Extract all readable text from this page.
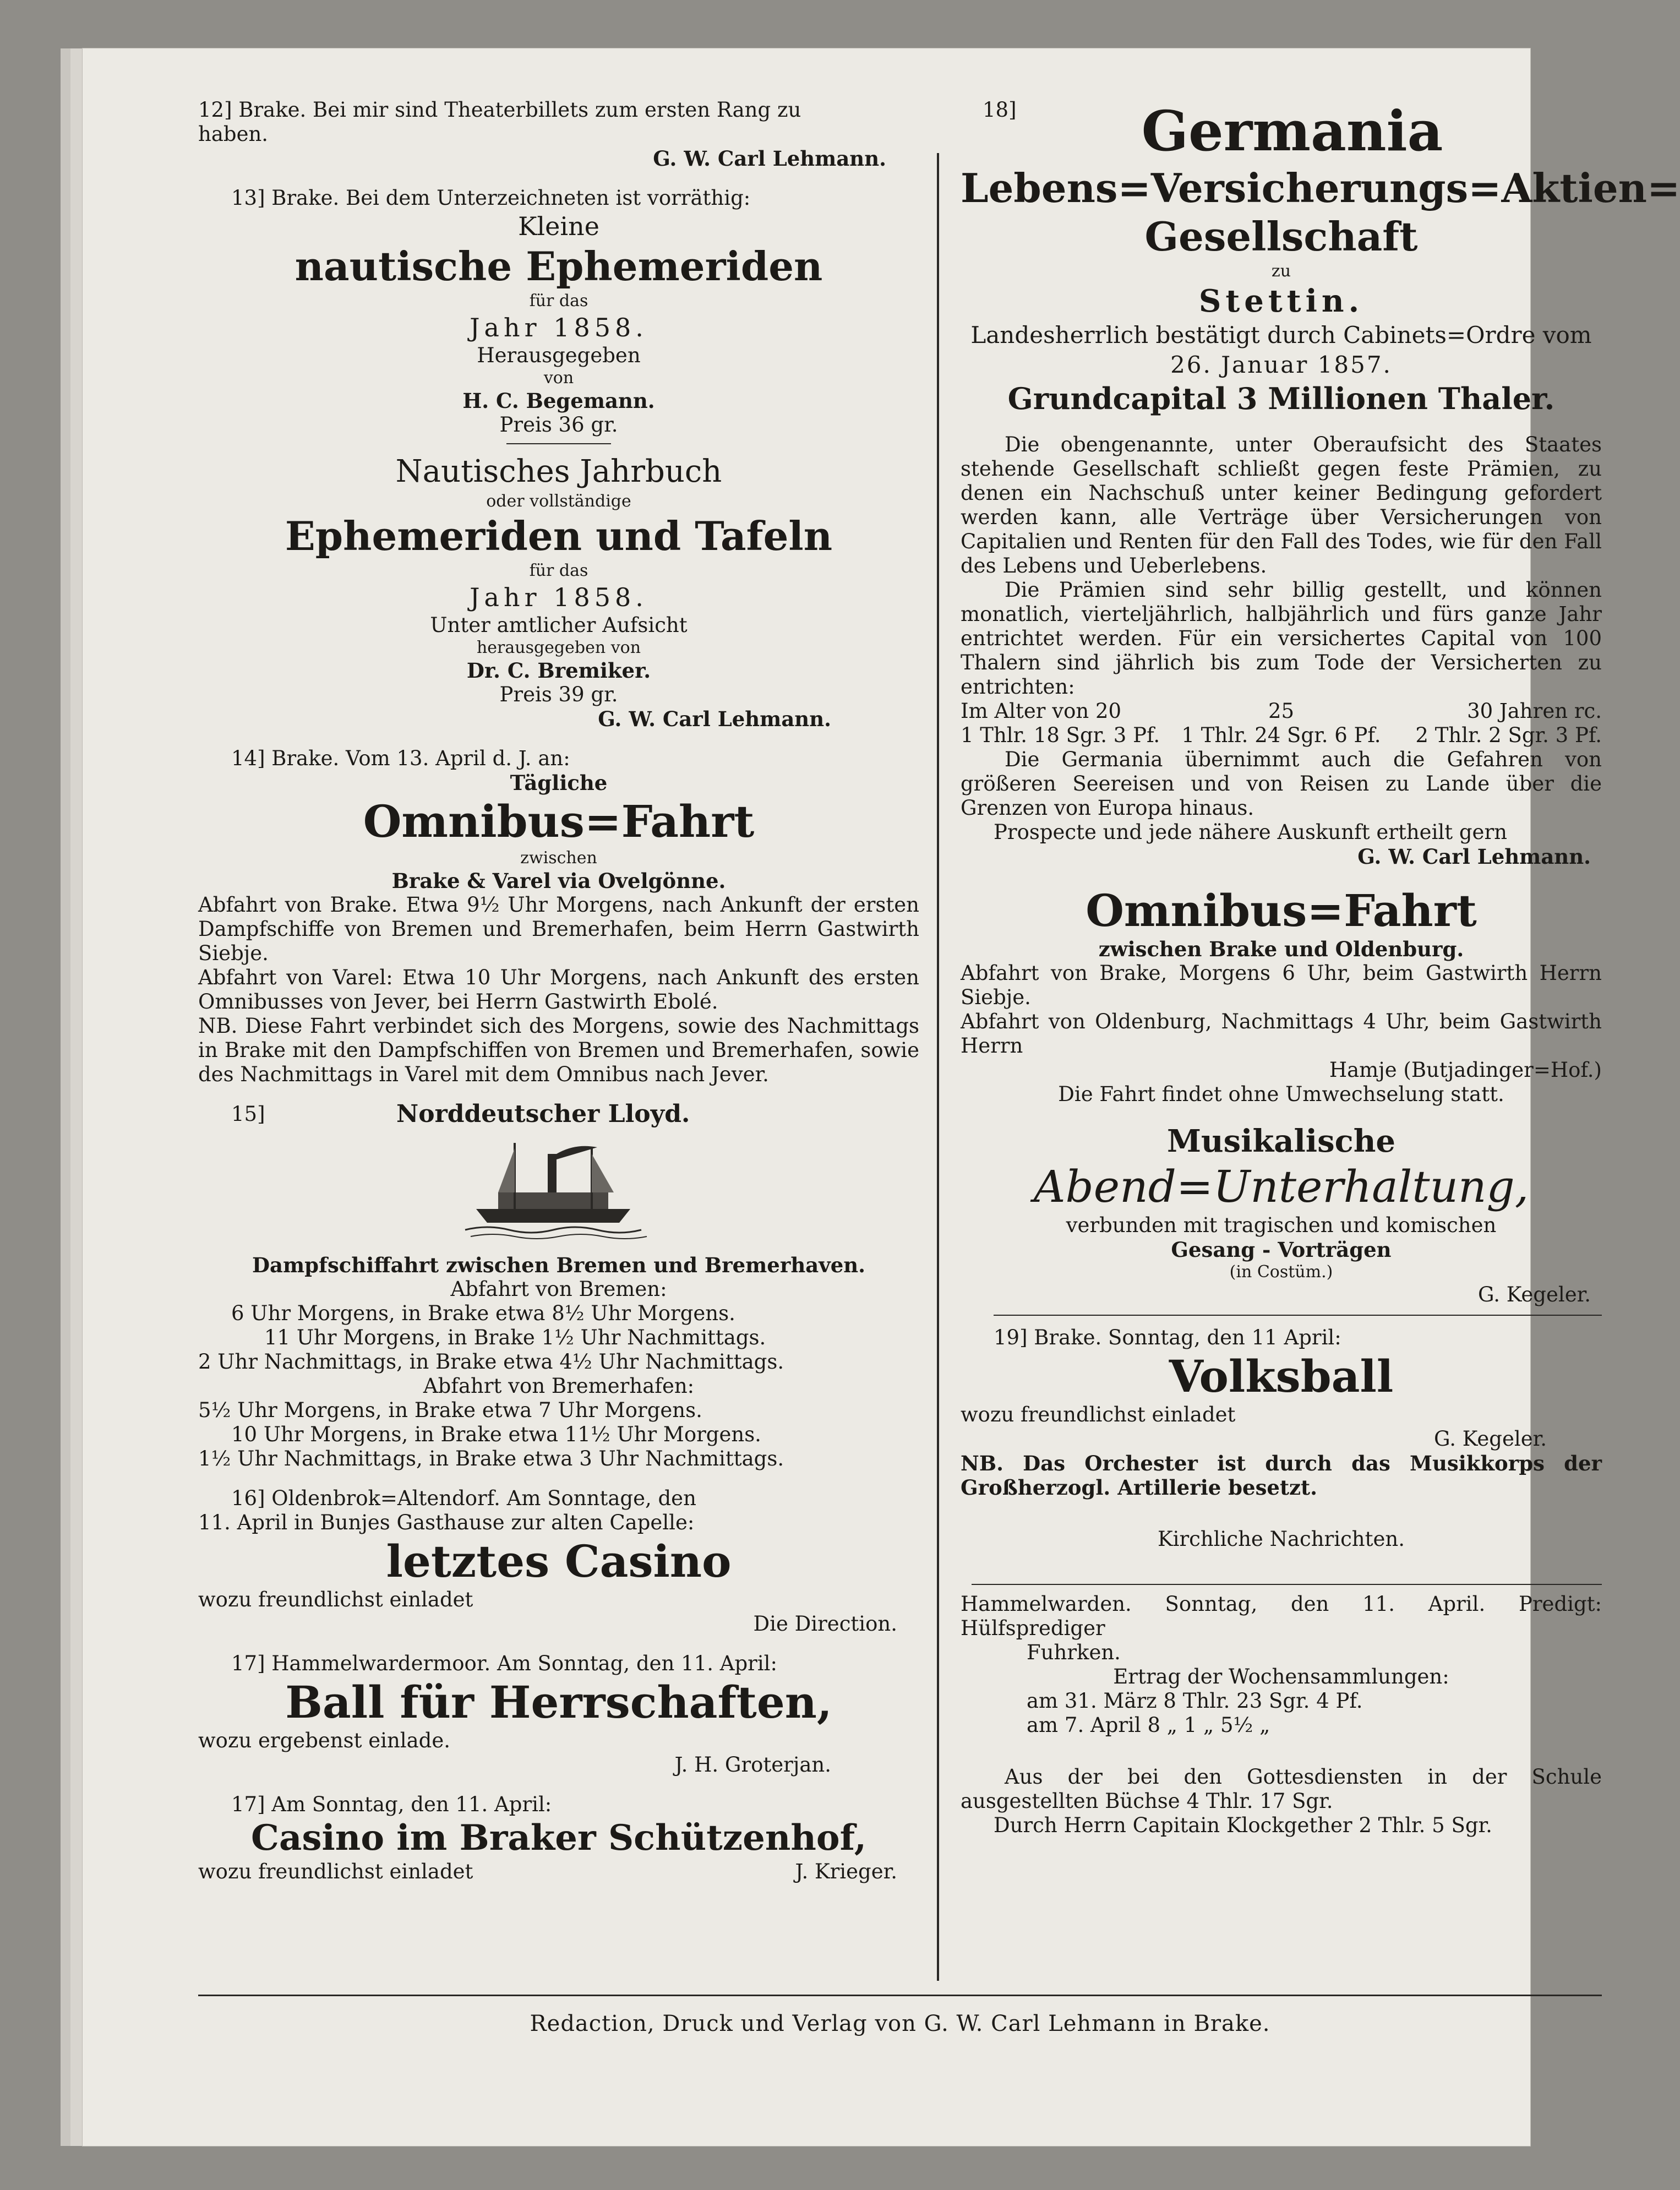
12] Brake. Bei mir sind Theaterbillets zum ersten Rang zu

haben.

G. W. Carl Lehmann.

13] Brake. Bei dem Unterzeichneten ist vorräthig:

Kleine

nautische Ephemeriden

für das

Jahr 1858.

Herausgegeben

von

H. C. Begemann.

Preis 36 gr.

Nautisches Jahrbuch

oder vollständige

Ephemeriden und Tafeln

für das

Jahr 1858.

Unter amtlicher Aufsicht

herausgegeben von

Dr. C. Bremiker.

Preis 39 gr.

G. W. Carl Lehmann.

14] Brake. Vom 13. April d. J. an:

Tägliche

Omnibus=Fahrt

zwischen

Brake & Varel via Ovelgönne.

Abfahrt von Brake. Etwa 9½ Uhr Morgens, nach Ankunft der ersten Dampfschiffe von Bremen und Bremerhafen, beim Herrn Gastwirth Siebje.

Abfahrt von Varel: Etwa 10 Uhr Morgens, nach Ankunft des ersten Omnibusses von Jever, bei Herrn Gastwirth Ebolé.

NB. Diese Fahrt verbindet sich des Morgens, sowie des Nachmittags in Brake mit den Dampfschiffen von Bremen und Bremerhafen, sowie des Nachmittags in Varel mit dem Omnibus nach Jever.

15]	Norddeutscher Lloyd.

Dampfschiffahrt zwischen Bremen und Bremerhaven.

Abfahrt von Bremen:

6 Uhr Morgens, in Brake etwa 8½ Uhr Morgens.

11 Uhr Morgens, in Brake 1½ Uhr Nachmittags.

2 Uhr Nachmittags, in Brake etwa 4½ Uhr Nachmittags.

Abfahrt von Bremerhafen:

5½ Uhr Morgens, in Brake etwa 7 Uhr Morgens.

10 Uhr Morgens, in Brake etwa 11½ Uhr Morgens.

1½ Uhr Nachmittags, in Brake etwa 3 Uhr Nachmittags.

16] Oldenbrok=Altendorf. Am Sonntage, den

11. April in Bunjes Gasthause zur alten Capelle:

letztes Casino

wozu freundlichst einladet

Die Direction.

17] Hammelwardermoor. Am Sonntag, den 11. April:

Ball für Herrschaften,

wozu ergebenst einlade.

J. H. Groterjan.

17] Am Sonntag, den 11. April:

Casino im Braker Schützenhof,

wozu freundlichst einladet	J. Krieger.

18]	Germania

Lebens=Versicherungs=Aktien=

Gesellschaft

zu

Stettin.

Landesherrlich bestätigt durch Cabinets=Ordre vom

26. Januar 1857.

Grundcapital 3 Millionen Thaler.

Die obengenannte, unter Oberaufsicht des Staates stehende Gesellschaft schließt gegen feste Prämien, zu denen ein Nachschuß unter keiner Bedingung gefordert werden kann, alle Verträge über Versicherungen von Capitalien und Renten für den Fall des Todes, wie für den Fall des Lebens und Ueberlebens.

Die Prämien sind sehr billig gestellt, und können monatlich, vierteljährlich, halbjährlich und fürs ganze Jahr entrichtet werden. Für ein versichertes Capital von 100 Thalern sind jährlich bis zum Tode der Versicherten zu entrichten:

Im Alter von 20	25	30 Jahren rc.
1 Thlr. 18 Sgr. 3 Pf.	1 Thlr. 24 Sgr. 6 Pf.	2 Thlr. 2 Sgr. 3 Pf.

Die Germania übernimmt auch die Gefahren von größeren Seereisen und von Reisen zu Lande über die Grenzen von Europa hinaus.

Prospecte und jede nähere Auskunft ertheilt gern

G. W. Carl Lehmann.

Omnibus=Fahrt

zwischen Brake und Oldenburg.

Abfahrt von Brake, Morgens 6 Uhr, beim Gastwirth Herrn Siebje.

Abfahrt von Oldenburg, Nachmittags 4 Uhr, beim Gastwirth Herrn

Hamje (Butjadinger=Hof.)

Die Fahrt findet ohne Umwechselung statt.

Musikalische

Abend=Unterhaltung,

verbunden mit tragischen und komischen

Gesang - Vorträgen

(in Costüm.)

G. Kegeler.

19] Brake. Sonntag, den 11 April:

Volksball

wozu freundlichst einladet

G. Kegeler.

NB. Das Orchester ist durch das Musikkorps der Großherzogl. Artillerie besetzt.

Kirchliche Nachrichten.

Hammelwarden. Sonntag, den 11. April. Predigt: Hülfsprediger

Fuhrken.

Ertrag der Wochensammlungen:

am 31. März 8 Thlr. 23 Sgr. 4 Pf.

am 7. April 8 „ 1 „ 5½ „

Aus der bei den Gottesdiensten in der Schule ausgestellten Büchse 4 Thlr. 17 Sgr.

Durch Herrn Capitain Klockgether 2 Thlr. 5 Sgr.

Redaction, Druck und Verlag von G. W. Carl Lehmann in Brake.
